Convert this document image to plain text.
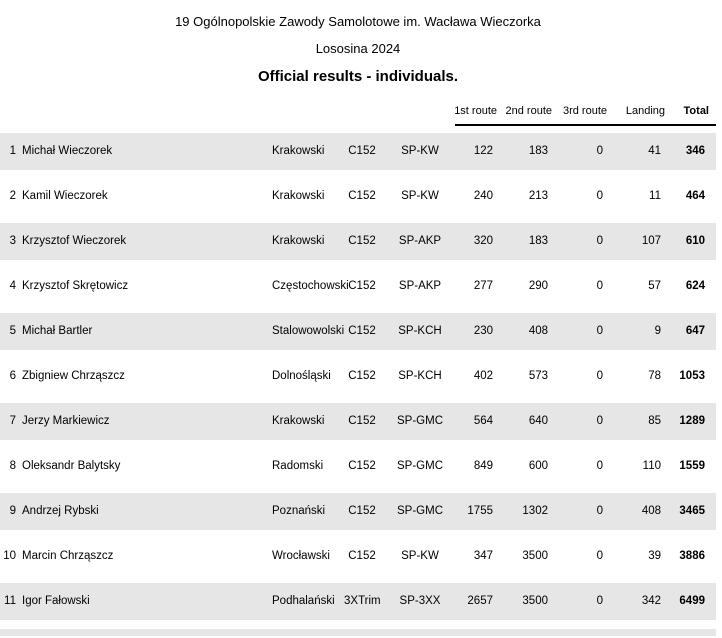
19 Ogólnopolskie Zawody Samolotowe im. Wacława Wieczorka
Lososina 2024
Official results - individuals.
1st route 2nd route 3rd route Landing Total
1 Michał Wieczorek	Krakowski	C152	SP-KW	122	183	0	41	346
2 Kamil Wieczorek	Krakowski	C152	SP-KW	240	213	0	11	464
3 Krzysztof Wieczorek	Krakowski	C152	SP-AKP	320	183	0	107	610
4 Krzysztof Skrętowicz	Częstochowski C152	SP-AKP	277	290	0	57	624
5 Michał Bartler	Stalowowolski C152	SP-KCH	230	408	0	9	647
6 Zbigniew Chrząszcz	Dolnośląski	C152	SP-KCH	402	573	0	78	1053
7 Jerzy Markiewicz	Krakowski	C152	SP-GMC	564	640	0	85	1289
8 Oleksandr Balytsky	Radomski	C152	SP-GMC	849	600	0	110	1559
9 Andrzej Rybski	Poznański	C152	SP-GMC	1755	1302	0	408	3465
10 Marcin Chrząszcz	Wrocławski	C152	SP-KW	347	3500	0	39	3886
11 Igor Fałowski	Podhalański 3XTrim	SP-3XX	2657	3500	0	342	6499
